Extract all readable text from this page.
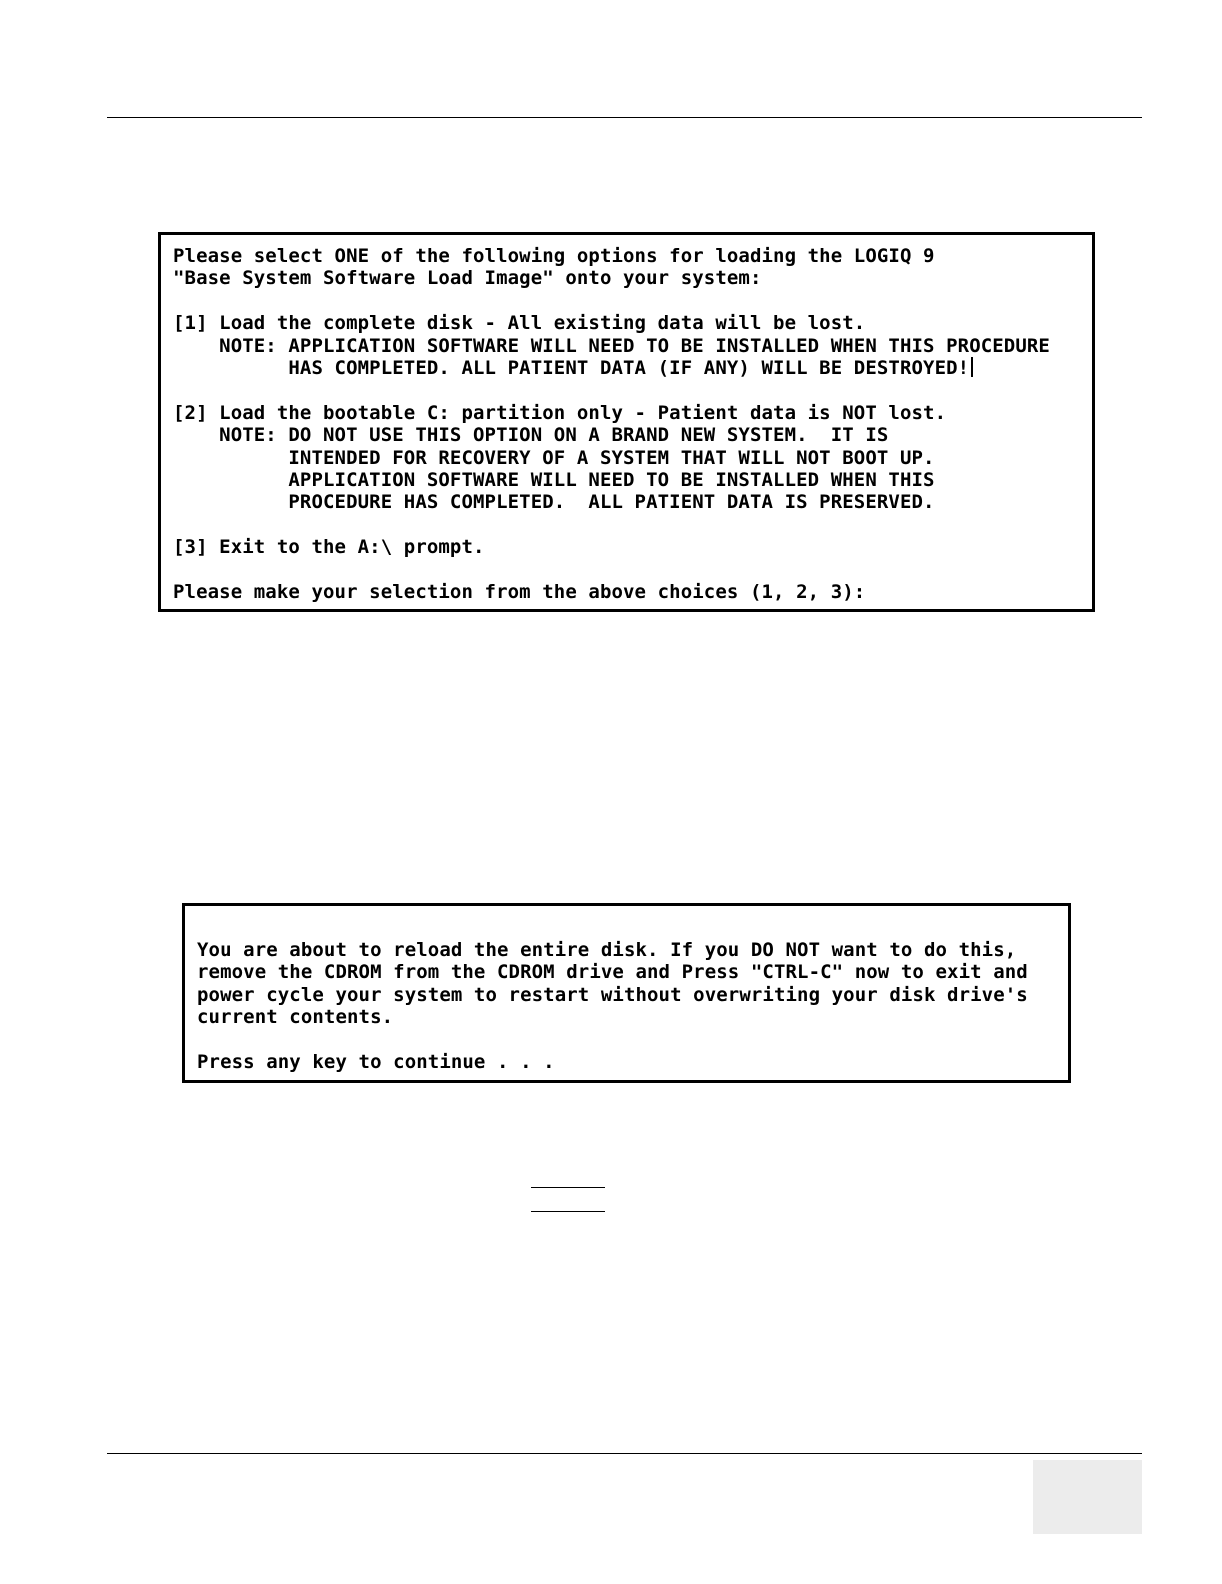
Please select ONE of the following options for loading the LOGIQ 9
"Base System Software Load Image" onto your system:
[1] Load the complete disk - All existing data will be lost.
NOTE: APPLICATION SOFTWARE WILL NEED TO BE INSTALLED WHEN THIS PROCEDURE
HAS COMPLETED. ALL PATIENT DATA (IF ANY) WILL BE DESTROYED!
[2] Load the bootable C: partition only - Patient data is NOT lost.
NOTE: DO NOT USE THIS OPTION ON A BRAND NEW SYSTEM.  IT IS
INTENDED FOR RECOVERY OF A SYSTEM THAT WILL NOT BOOT UP.
APPLICATION SOFTWARE WILL NEED TO BE INSTALLED WHEN THIS
PROCEDURE HAS COMPLETED.  ALL PATIENT DATA IS PRESERVED.
[3] Exit to the A:\ prompt.
Please make your selection from the above choices (1, 2, 3):
You are about to reload the entire disk. If you DO NOT want to do this,
remove the CDROM from the CDROM drive and Press "CTRL-C" now to exit and
power cycle your system to restart without overwriting your disk drive's
current contents.
Press any key to continue . . .
